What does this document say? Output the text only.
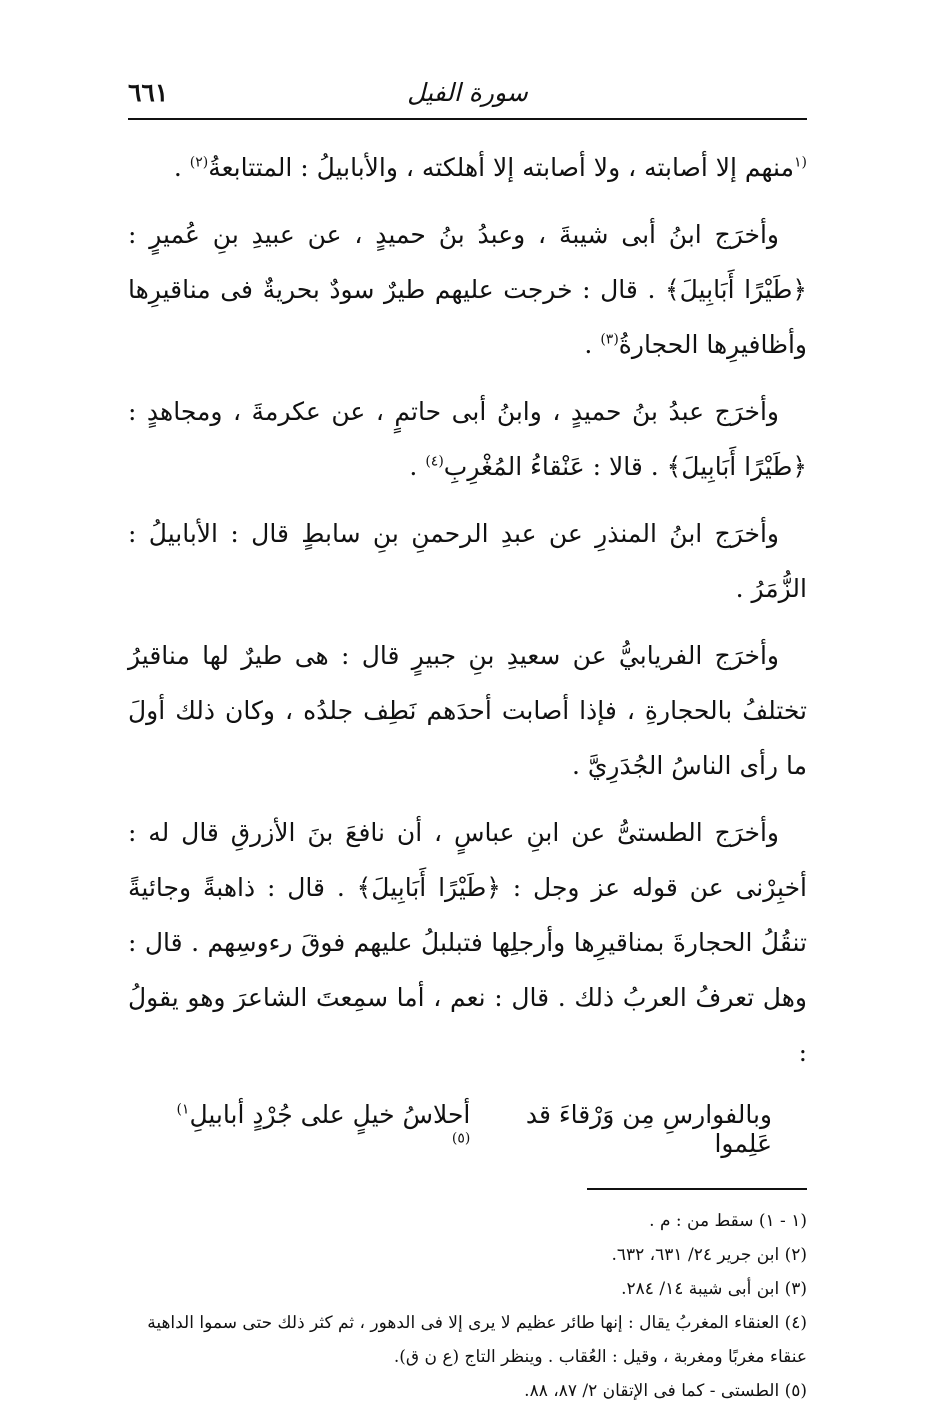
٦٦١	سورة الفيل

$^{(١}$منهم إلا أصابته ، ولا أصابته إلا أهلكته ، والأبابيلُ : المتتابعةُ$^{(٢)}$ .

وأخرَج ابنُ أبى شيبةَ ، وعبدُ بنُ حميدٍ ، عن عبيدِ بنِ عُميرٍ : ﴿طَيْرًا أَبَابِيلَ﴾ . قال : خرجت عليهم طيرٌ سودٌ بحريةٌ فى مناقيرِها وأظافيرِها الحجارةُ$^{(٣)}$ .

وأخرَج عبدُ بنُ حميدٍ ، وابنُ أبى حاتمٍ ، عن عكرمةَ ، ومجاهدٍ : ﴿طَيْرًا أَبَابِيلَ﴾ . قالا : عَنْقاءُ المُغْرِبِ$^{(٤)}$ .

وأخرَج ابنُ المنذرِ عن عبدِ الرحمنِ بنِ سابطٍ قال : الأبابيلُ : الزُّمَرُ .

وأخرَج الفريابيُّ عن سعيدِ بنِ جبيرٍ قال : هى طيرٌ لها مناقيرُ تختلفُ بالحجارةِ ، فإذا أصابت أحدَهم نَطِف جلدُه ، وكان ذلك أولَ ما رأى الناسُ الجُدَرِيَّ .

وأخرَج الطستىُّ عن ابنِ عباسٍ ، أن نافعَ بنَ الأزرقِ قال له : أخبِرْنى عن قوله عز وجل : ﴿طَيْرًا أَبَابِيلَ﴾ . قال : ذاهبةً وجائيةً تنقُلُ الحجارةَ بمناقيرِها وأرجلِها فتبلبلُ عليهم فوقَ رءوسِهم . قال : وهل تعرفُ العربُ ذلك . قال : نعم ، أما سمِعتَ الشاعرَ وهو يقولُ :

وبالفوارسِ مِن وَرْقاءَ قد عَلِموا
أحلاسُ خيلٍ على جُرْدٍ أبابيلِ$^{١)(٥)}$

(١ - ١) سقط من : م .

(٢) ابن جرير ٢٤/ ٦٣١، ٦٣٢.

(٣) ابن أبى شيبة ١٤/ ٢٨٤.

(٤) العنقاء المغربُ يقال : إنها طائر عظيم لا يرى إلا فى الدهور ، ثم كثر ذلك حتى سموا الداهية عنقاء مغربًا ومغربة ، وقيل : العُقاب . وينظر التاج (ع ن ق).

(٥) الطستى - كما فى الإتقان ٢/ ٨٧، ٨٨.
